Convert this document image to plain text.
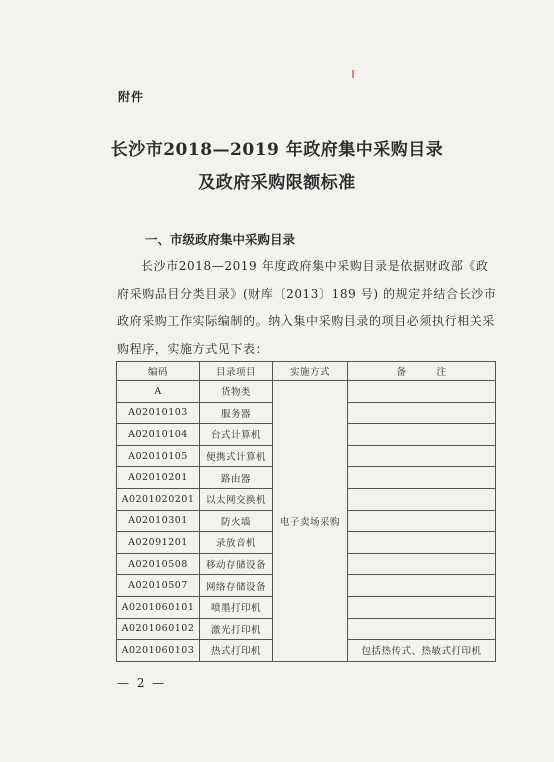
附件
长沙市2018—2019 年政府集中采购目录
及政府采购限额标准
一、市级政府集中采购目录
长沙市2018—2019 年度政府集中采购目录是依据财政部《政府采购品目分类目录》(财库〔2013〕189 号) 的规定并结合长沙市政府采购工作实际编制的。纳入集中采购目录的项目必须执行相关采购程序，实施方式见下表：
编码	目录项目	实施方式	备　　　注
A	货物类	电子卖场采购	
A02010103	服务器		
A02010104	台式计算机		
A02010105	便携式计算机		
A02010201	路由器		
A0201020201	以太网交换机		
A02010301	防火墙		
A02091201	录放音机		
A02010508	移动存储设备		
A02010507	网络存储设备		
A0201060101	喷墨打印机		
A0201060102	激光打印机		
A0201060103	热式打印机		包括热传式、热敏式打印机
— 2 —
